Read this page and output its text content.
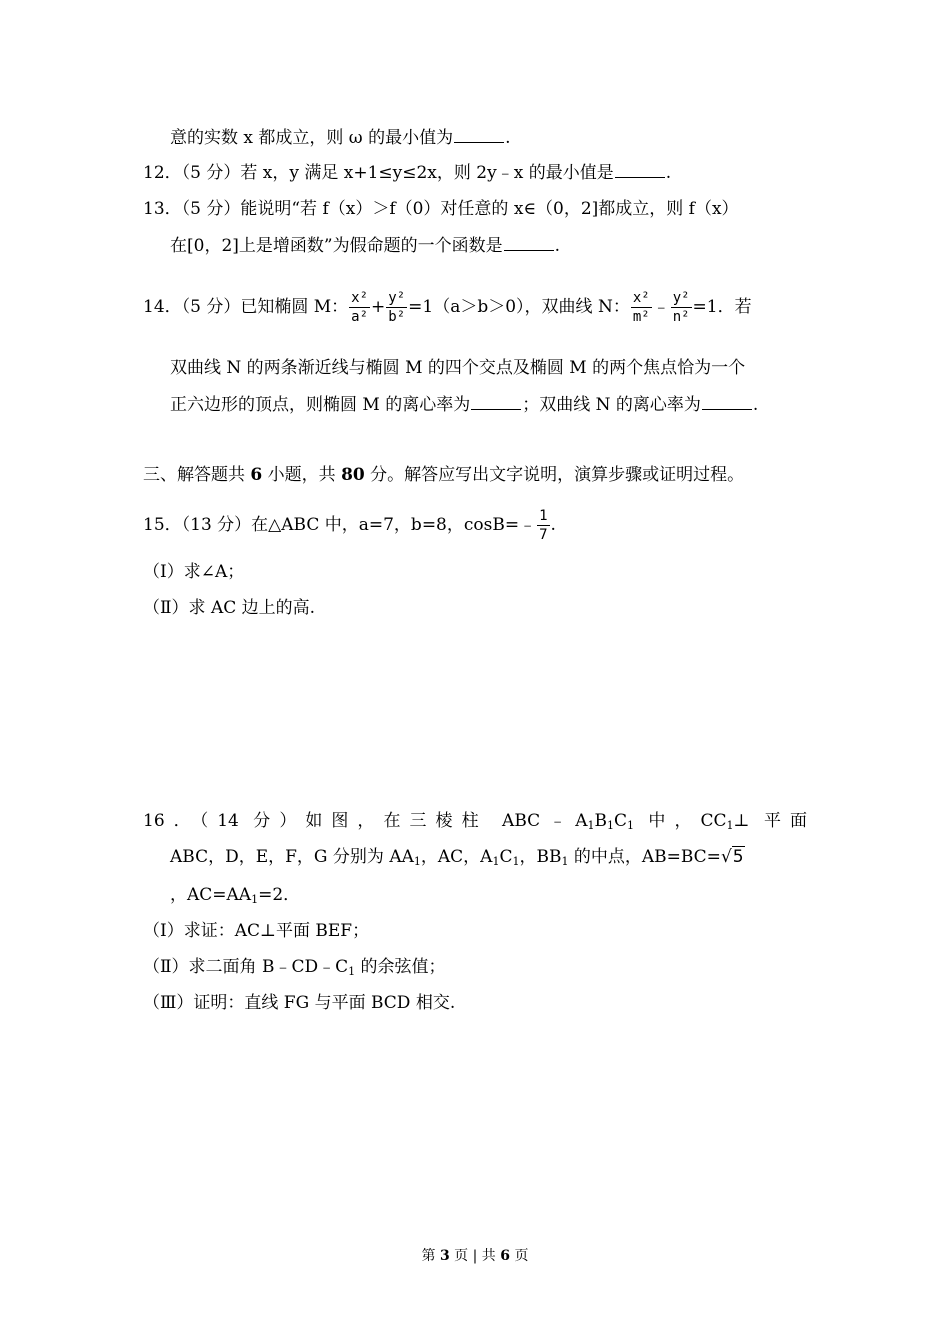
意的实数 x 都成立，则 ω 的最小值为	.
12．（5 分）若 x，y 满足 x+1≤y≤2x，则 2y﹣x 的最小值是	.
13．（5 分）能说明“若 f（x）＞f（0）对任意的 x∈（0，2]都成立，则 f（x）
在[0，2]上是增函数”为假命题的一个函数是	.
14．（5 分）已知椭圆 M： $\frac{\text{x²}}{\text{a²}} + \frac{\text{y²}}{\text{b²}} =1(a>b>0)$，双曲线 N： $\frac{\text{x²}}{\text{m²}}$ ﹣ $\frac{\text{y²}}{\text{n²}} =1$．若
双曲线 N 的两条渐近线与椭圆 M 的四个交点及椭圆 M 的两个焦点恰为一个
正六边形的顶点，则椭圆 M 的离心率为	；双曲线 N 的离心率为	.
三、解答题共 6 小题，共 80 分。解答应写出文字说明，演算步骤或证明过程。
15．（13 分）在△ABC 中，a=7，b=8，cosB=﹣ $\frac{1}{7}$ .
（Ⅰ）求∠A；
（Ⅱ）求 AC 边上的高.
16．（14 分）如图，在三棱柱 $ABC﹣A_1B_1C_1$ 中，$CC_1\perp$ 平面
ABC，D，E，F，G 分别为 $AA_1$，AC，$A_1C_1$，$BB_1$ 的中点，AB=BC=√5
，$AC=AA_1=2$．
（Ⅰ）求证：AC⊥平面 BEF；
（Ⅱ）求二面角 $B﹣CD﹣C_1$ 的余弦值；
（Ⅲ）证明：直线 FG 与平面 BCD 相交.
第 3 页 | 共 6 页
